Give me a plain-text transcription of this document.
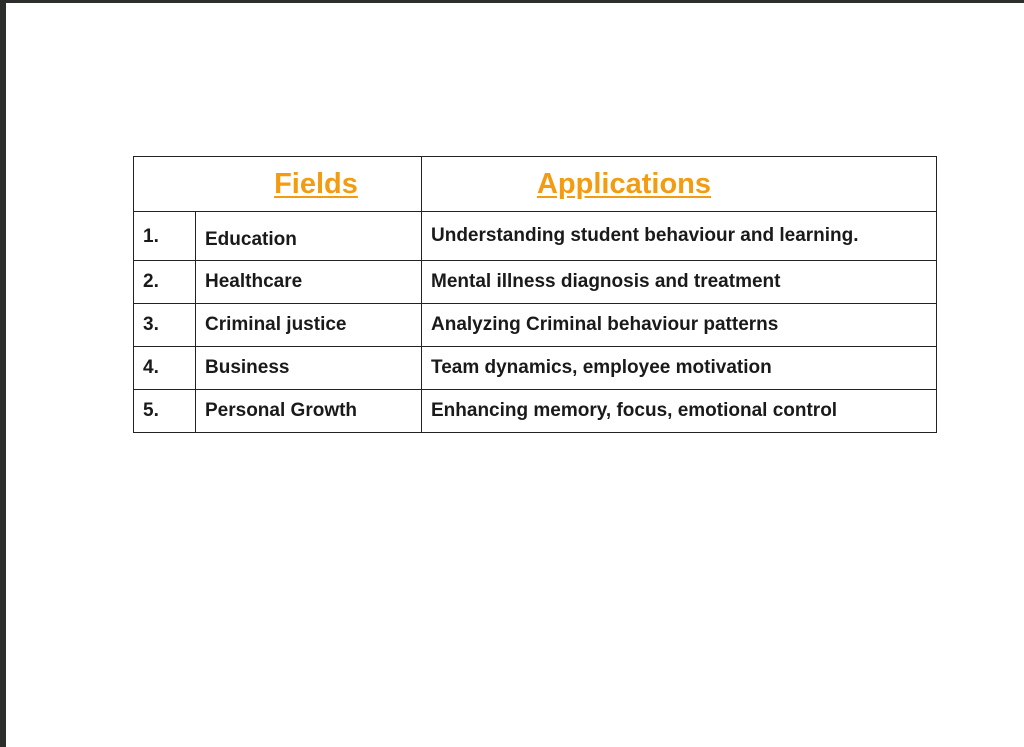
Fields		Applications
1.	Education	Understanding student behaviour and learning.
2.	Healthcare	Mental illness diagnosis and treatment
3.	Criminal justice	Analyzing Criminal behaviour patterns
4.	Business	Team dynamics, employee motivation
5.	Personal Growth	Enhancing memory, focus, emotional control
